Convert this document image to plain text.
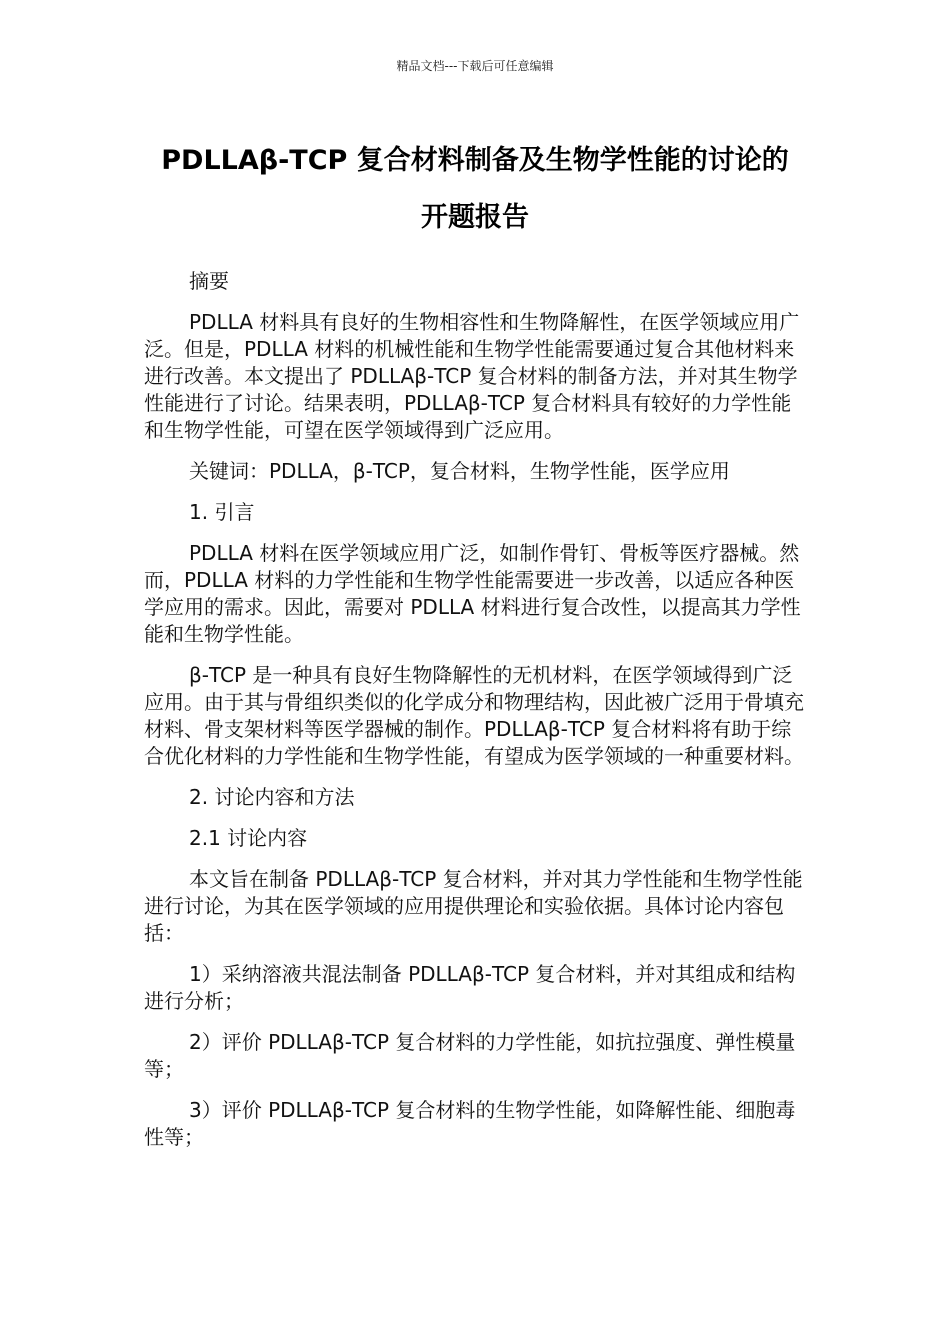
精品文档---下载后可任意编辑
PDLLAβ-TCP 复合材料制备及生物学性能的讨论的
开题报告

摘要

PDLLA 材料具有良好的生物相容性和生物降解性，在医学领域应用广泛。但是，PDLLA 材料的机械性能和生物学性能需要通过复合其他材料来进行改善。本文提出了 PDLLAβ-TCP 复合材料的制备方法，并对其生物学性能进行了讨论。结果表明，PDLLAβ-TCP 复合材料具有较好的力学性能和生物学性能，可望在医学领域得到广泛应用。

关键词：PDLLA，β-TCP，复合材料，生物学性能，医学应用

1. 引言

PDLLA 材料在医学领域应用广泛，如制作骨钉、骨板等医疗器械。然而，PDLLA 材料的力学性能和生物学性能需要进一步改善，以适应各种医学应用的需求。因此，需要对 PDLLA 材料进行复合改性，以提高其力学性能和生物学性能。

β-TCP 是一种具有良好生物降解性的无机材料，在医学领域得到广泛应用。由于其与骨组织类似的化学成分和物理结构，因此被广泛用于骨填充材料、骨支架材料等医学器械的制作。PDLLAβ-TCP 复合材料将有助于综合优化材料的力学性能和生物学性能，有望成为医学领域的一种重要材料。

2. 讨论内容和方法

2.1 讨论内容

本文旨在制备 PDLLAβ-TCP 复合材料，并对其力学性能和生物学性能进行讨论，为其在医学领域的应用提供理论和实验依据。具体讨论内容包括：

1）采纳溶液共混法制备 PDLLAβ-TCP 复合材料，并对其组成和结构进行分析；

2）评价 PDLLAβ-TCP 复合材料的力学性能，如抗拉强度、弹性模量等；

3）评价 PDLLAβ-TCP 复合材料的生物学性能，如降解性能、细胞毒性等；
